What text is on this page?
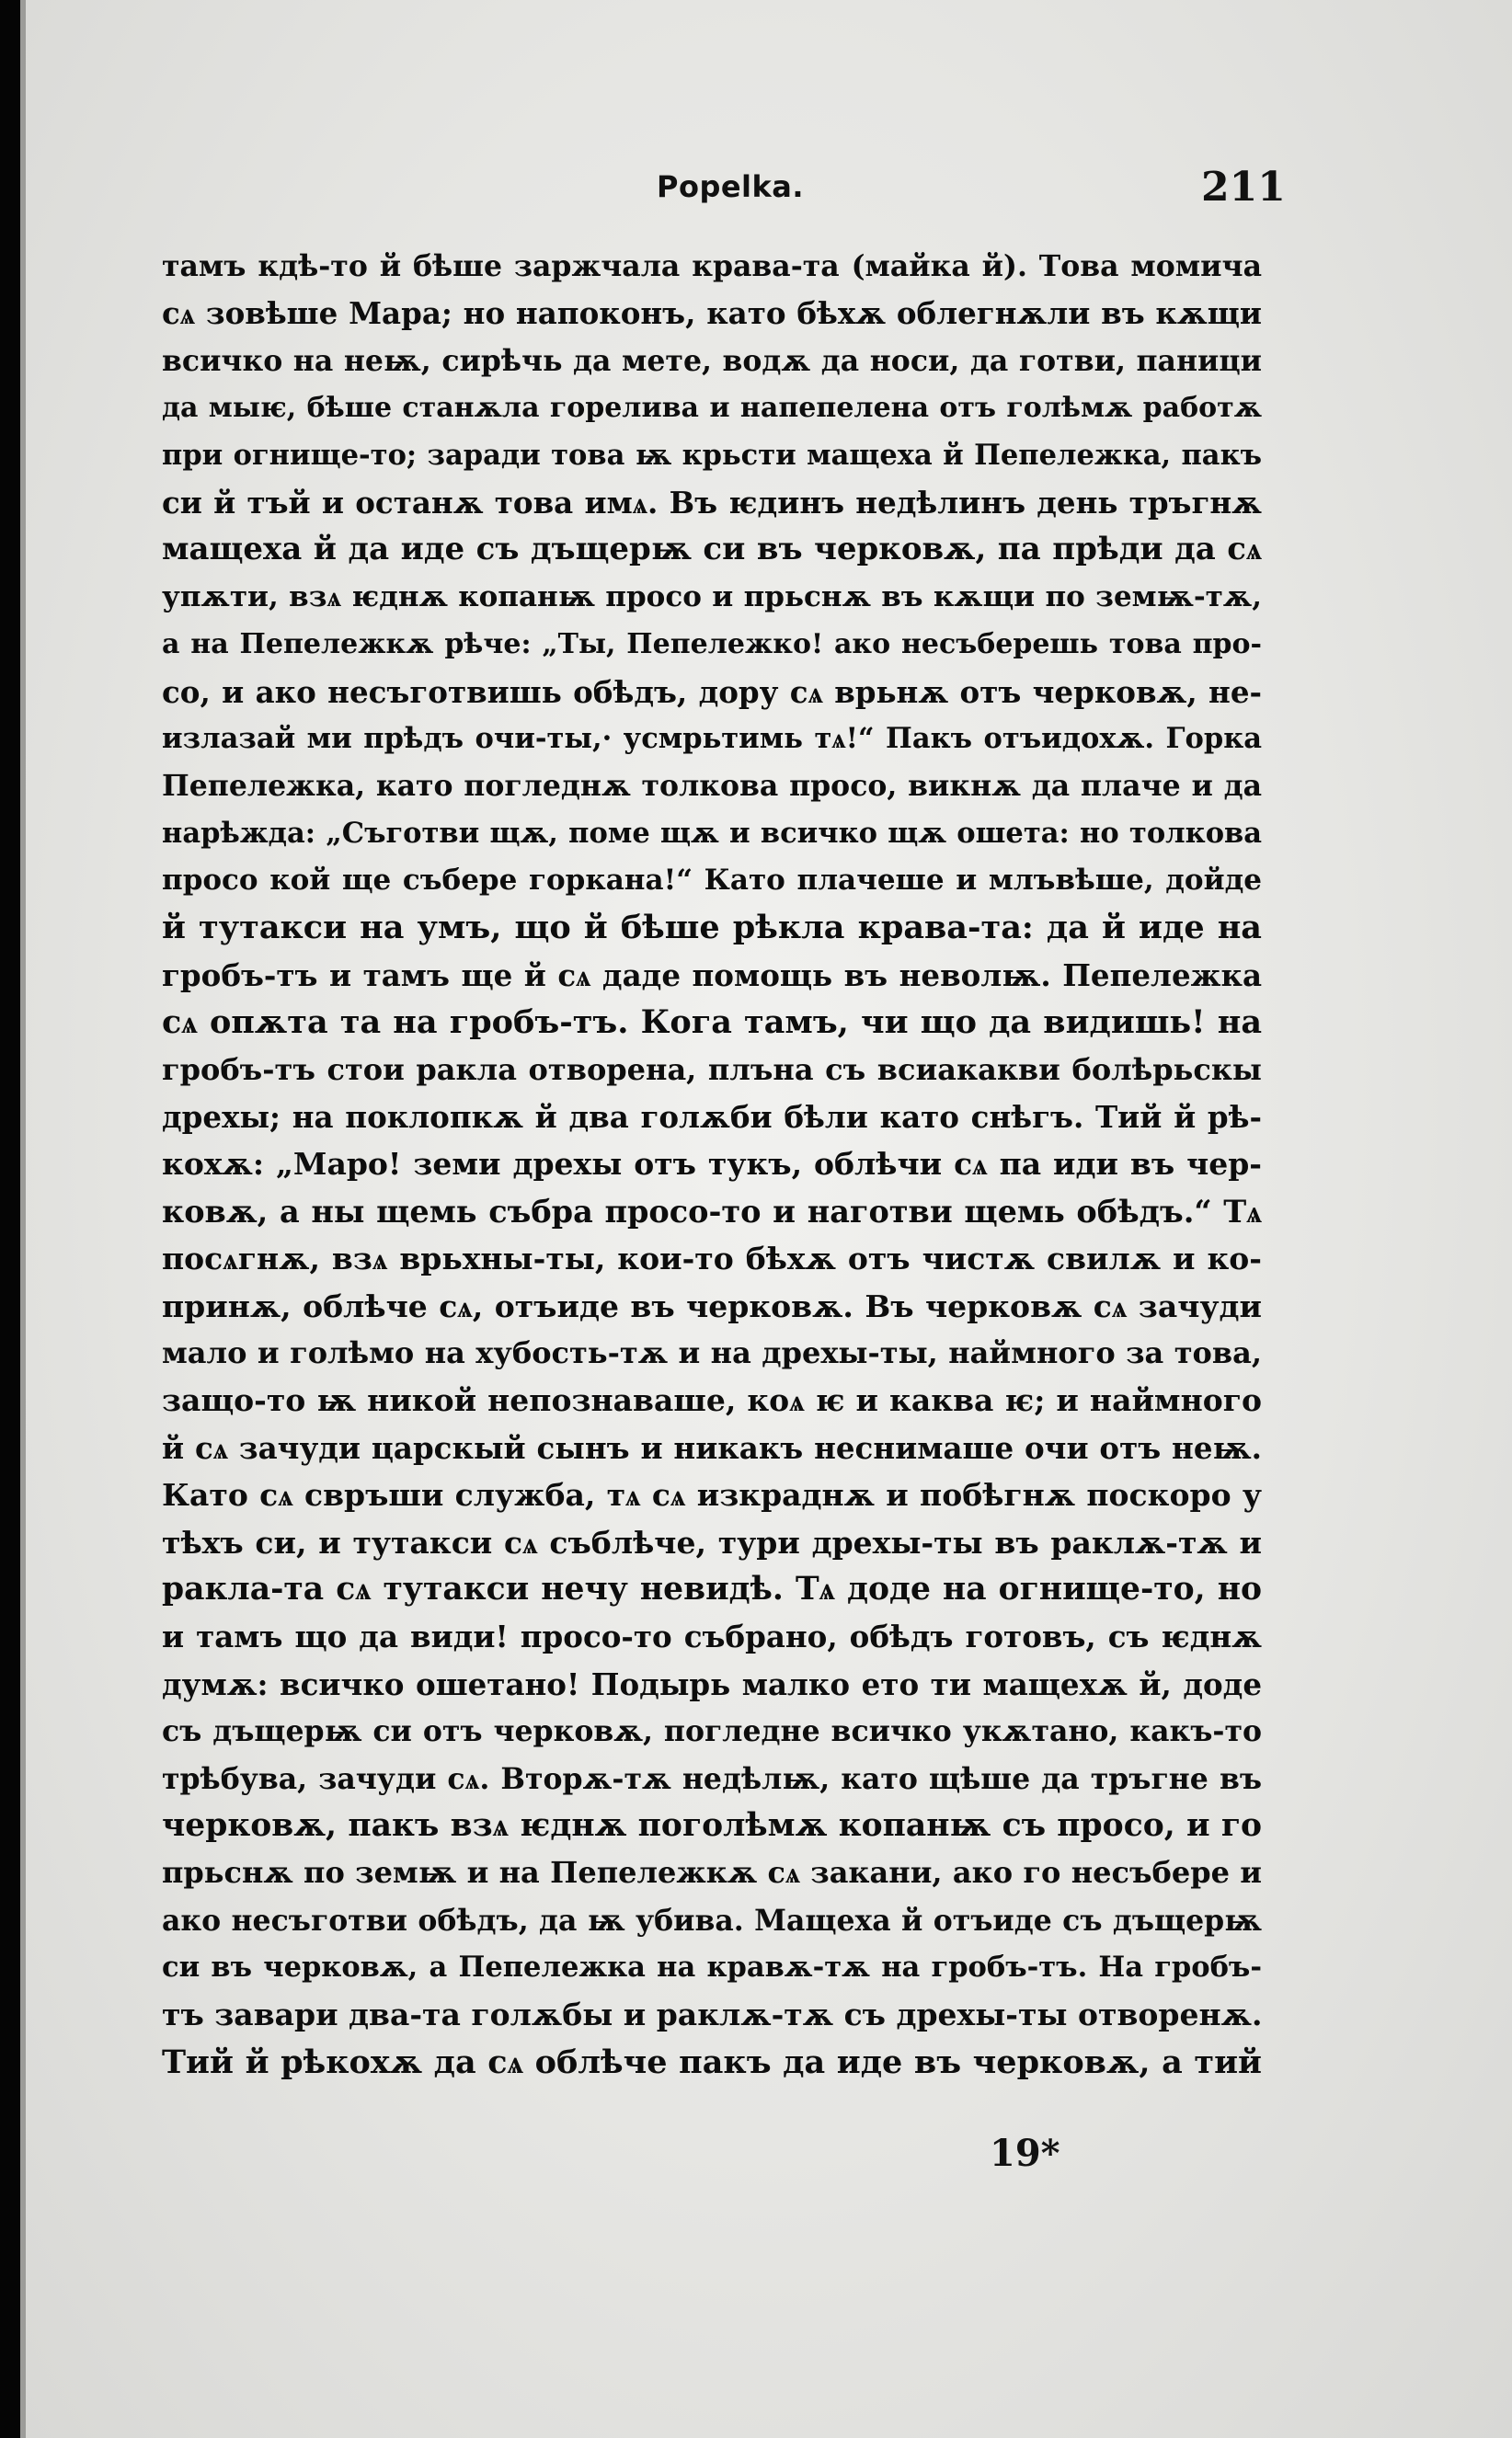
Popelka.	211
тамъ кдѣ-то й бѣше заржчала крава-та (майка й). Това момича
сѧ зовѣше Мара; но напоконъ, като бѣхѫ облегнѫли въ кѫщи
всичко на неѭ, сирѣчь да мете, водѫ да носи, да готви, паници
да мыѥ, бѣше станѫла горелива и напепелена отъ голѣмѫ работѫ
при огнище-то; заради това ѭ крьсти мащеха й Пепележка, пакъ
си й тъй и останѫ това имѧ. Въ ѥдинъ недѣлинъ день тръгнѫ
мащеха й да иде съ дъщерѭ си въ черковѫ, па прѣди да сѧ
упѫти, взѧ ѥднѫ копанѭ просо и прьснѫ въ кѫщи по земѭ-тѫ,
а на Пепележкѫ рѣче: „Ты, Пепележко! ако несъберешь това про-
со, и ако несъготвишь обѣдъ, дору сѧ врьнѫ отъ черковѫ, не-
излазай ми прѣдъ очи-ты,· усмрьтимь тѧ!“ Пакъ отъидохѫ. Горка
Пепележка, като погледнѫ толкова просо, викнѫ да плаче и да
нарѣжда: „Съготви щѫ, поме щѫ и всичко щѫ ошета: но толкова
просо кой ще съберe горкана!“ Като плачеше и млъвѣше, дойде
й тутакси на умъ, що й бѣше рѣкла крава-та: да й иде на
гробъ-тъ и тамъ ще й сѧ даде помощь въ неволѭ. Пепележка
сѧ опѫта та на гробъ-тъ. Кога тамъ, чи що да видишь! на
гробъ-тъ стои ракла отворена, плъна съ всиакакви болѣрьскы
дрехы; на поклопкѫ й два голѫби бѣли като снѣгъ. Тий й рѣ-
кохѫ: „Маро! земи дрехы отъ тукъ, облѣчи сѧ па иди въ чер-
ковѫ, а ны щемь събра просо-то и наготви щемь обѣдъ.“ Тѧ
посѧгнѫ, взѧ врьхны-ты, кои-то бѣхѫ отъ чистѫ свилѫ и ко-
принѫ, облѣче сѧ, отъиде въ черковѫ. Въ черковѫ сѧ зачуди
мало и голѣмо на хубость-тѫ и на дрехы-ты, наймного за това,
защо-то ѭ никой непознаваше, коѧ ѥ и каква ѥ; и наймного
й сѧ зачуди царскый сынъ и никакъ неснимаше очи отъ неѭ.
Като сѧ свръши служба, тѧ сѧ изкраднѫ и побѣгнѫ поскоро у
тѣхъ си, и тутакси сѧ съблѣче, тури дрехы-ты въ раклѫ-тѫ и
ракла-та сѧ тутакси нечу невидѣ. Тѧ доде на огнище-то, но
и тамъ що да види! просо-то събрано, обѣдъ готовъ, съ ѥднѫ
думѫ: всичко ошетано! Подырь малко ето ти мащехѫ й, доде
съ дъщерѭ си отъ черковѫ, погледне всичко укѫтано, какъ-то
трѣбува, зачуди сѧ. Вторѫ-тѫ недѣлѭ, като щѣше да тръгне въ
черковѫ, пакъ взѧ ѥднѫ поголѣмѫ копанѭ съ просо, и го
прьснѫ по земѭ и на Пепележкѫ сѧ закани, ако го несъбере и
ако несъготви обѣдъ, да ѭ убива. Мащеха й отъиде съ дъщерѭ
си въ черковѫ, а Пепележка на кравѫ-тѫ на гробъ-тъ. На гробъ-
тъ завари два-та голѫбы и раклѫ-тѫ съ дрехы-ты отворенѫ.
Тий й рѣкохѫ да сѧ облѣче пакъ да иде въ черковѫ, а тий
19*
